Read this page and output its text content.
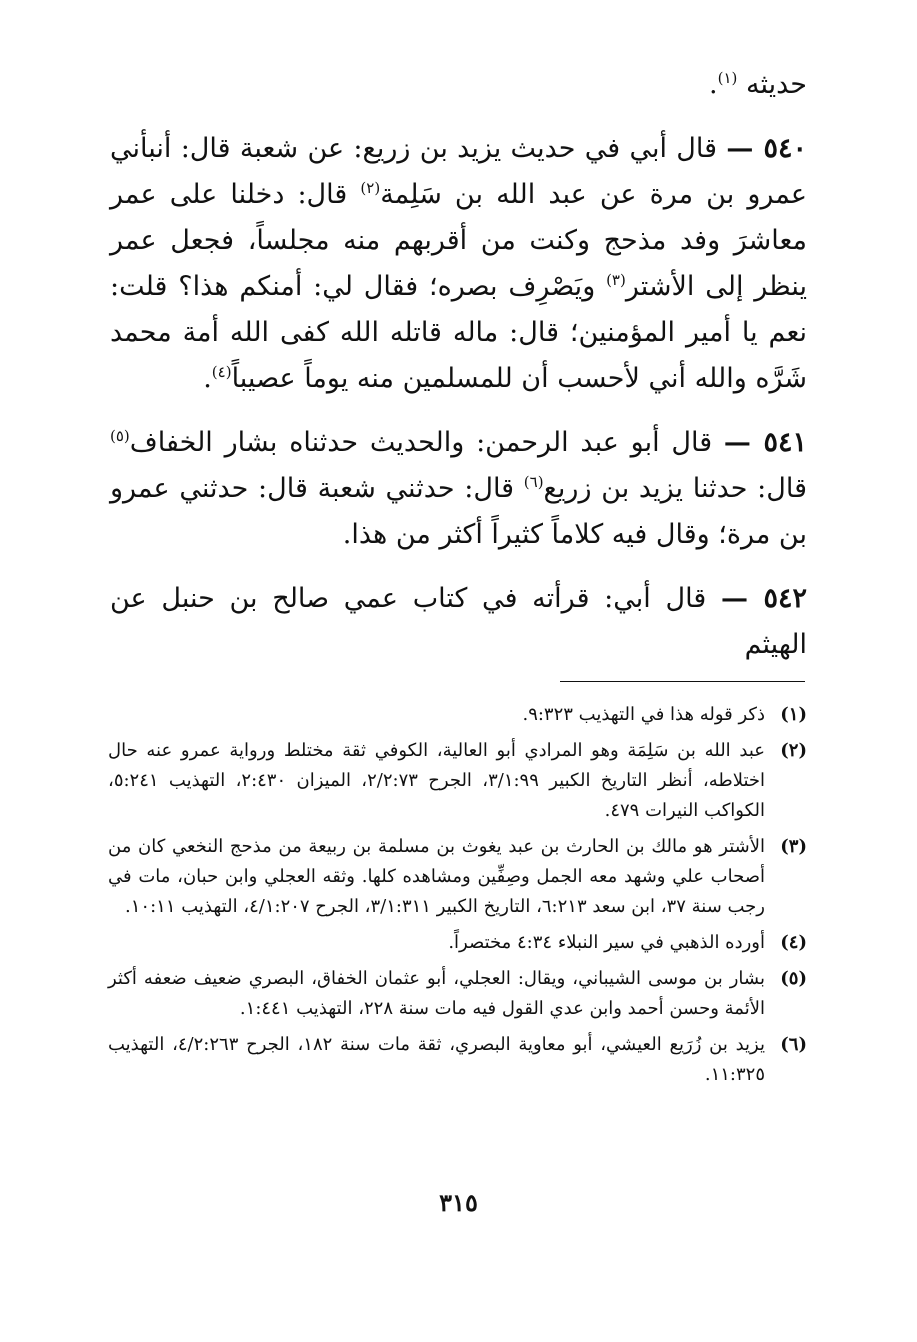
حديثه $^{(١)}$.

٥٤٠ — قال أبي في حديث يزيد بن زريع: عن شعبة قال: أنبأني عمرو بن مرة عن عبد الله بن سَلِمة$^{(٢)}$ قال: دخلنا على عمر معاشرَ وفد مذحج وكنت من أقربهم منه مجلساً، فجعل عمر ينظر إلى الأشتر$^{(٣)}$ ويَصْرِف بصره؛ فقال لي: أمنكم هذا؟ قلت: نعم يا أمير المؤمنين؛ قال: ماله قاتله الله كفى الله أمة محمد شَرَّه والله أني لأحسب أن للمسلمين منه يوماً عصيباً$^{(٤)}$.

٥٤١ — قال أبو عبد الرحمن: والحديث حدثناه بشار الخفاف$^{(٥)}$ قال: حدثنا يزيد بن زريع$^{(٦)}$ قال: حدثني شعبة قال: حدثني عمرو بن مرة؛ وقال فيه كلاماً كثيراً أكثر من هذا.

٥٤٢ — قال أبي: قرأته في كتاب عمي صالح بن حنبل عن الهيثم

(١)
ذكر قوله هذا في التهذيب ٩:٣٢٣.
(٢)
عبد الله بن سَلِمَة وهو المرادي أبو العالية، الكوفي ثقة مختلط ورواية عمرو عنه حال اختلاطه، أنظر التاريخ الكبير ٣/١:٩٩، الجرح ٢/٢:٧٣، الميزان ٢:٤٣٠، التهذيب ٥:٢٤١، الكواكب النيرات ٤٧٩.
(٣)
الأشتر هو مالك بن الحارث بن عبد يغوث بن مسلمة بن ربيعة من مذحج النخعي كان من أصحاب علي وشهد معه الجمل وصِفِّين ومشاهده كلها. وثقه العجلي وابن حبان، مات في رجب سنة ٣٧، ابن سعد ٦:٢١٣، التاريخ الكبير ٣/١:٣١١، الجرح ٤/١:٢٠٧، التهذيب ١٠:١١.
(٤)
أورده الذهبي في سير النبلاء ٤:٣٤ مختصراً.
(٥)
بشار بن موسى الشيباني، ويقال: العجلي، أبو عثمان الخفاق، البصري ضعيف ضعفه أكثر الأئمة وحسن أحمد وابن عدي القول فيه مات سنة ٢٢٨، التهذيب ١:٤٤١.
(٦)
يزيد بن زُرَيع العيشي، أبو معاوية البصري، ثقة مات سنة ١٨٢، الجرح ٤/٢:٢٦٣، التهذيب ١١:٣٢٥.
٣١٥
